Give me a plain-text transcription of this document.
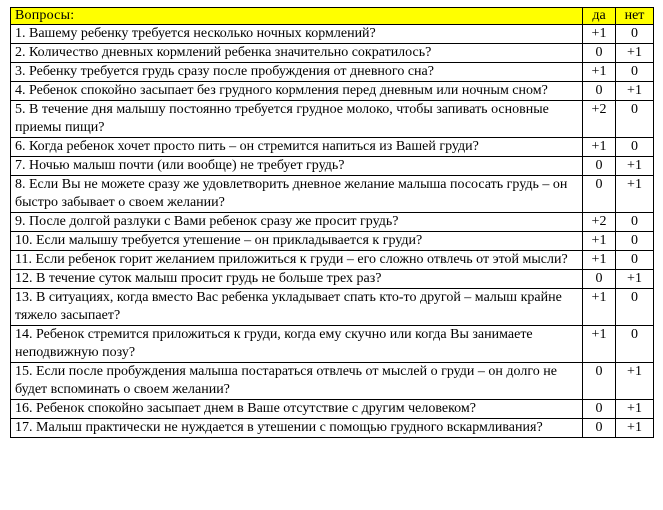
Вопросы:	да	нет
1. Вашему ребенку требуется несколько ночных кормлений?	+1	0
2. Количество дневных кормлений ребенка значительно сократилось?	0	+1
3. Ребенку требуется грудь сразу после пробуждения от дневного сна?	+1	0
4. Ребенок спокойно засыпает без грудного кормления перед дневным или ночным сном?	0	+1
5. В течение дня малышу постоянно требуется грудное молоко, чтобы запивать основные приемы пищи?	+2	0
6. Когда ребенок хочет просто пить – он стремится напиться из Вашей груди?	+1	0
7. Ночью малыш почти (или вообще) не требует грудь?	0	+1
8. Если Вы не можете сразу же удовлетворить дневное желание малыша пососать грудь – он быстро забывает о своем желании?	0	+1
9. После долгой разлуки с Вами ребенок сразу же просит грудь?	+2	0
10. Если малышу требуется утешение – он прикладывается к груди?	+1	0
11. Если ребенок горит желанием приложиться к груди – его сложно отвлечь от этой мысли?	+1	0
12. В течение суток малыш просит грудь не больше трех раз?	0	+1
13. В ситуациях, когда вместо Вас ребенка укладывает спать кто-то другой – малыш крайне тяжело засыпает?	+1	0
14. Ребенок стремится приложиться к груди, когда ему скучно или когда Вы занимаете неподвижную позу?	+1	0
15. Если после пробуждения малыша постараться отвлечь от мыслей о груди – он долго не будет вспоминать о своем желании?	0	+1
16. Ребенок спокойно засыпает днем в Ваше отсутствие с другим человеком?	0	+1
17. Малыш практически не нуждается в утешении с помощью грудного вскармливания?	0	+1
